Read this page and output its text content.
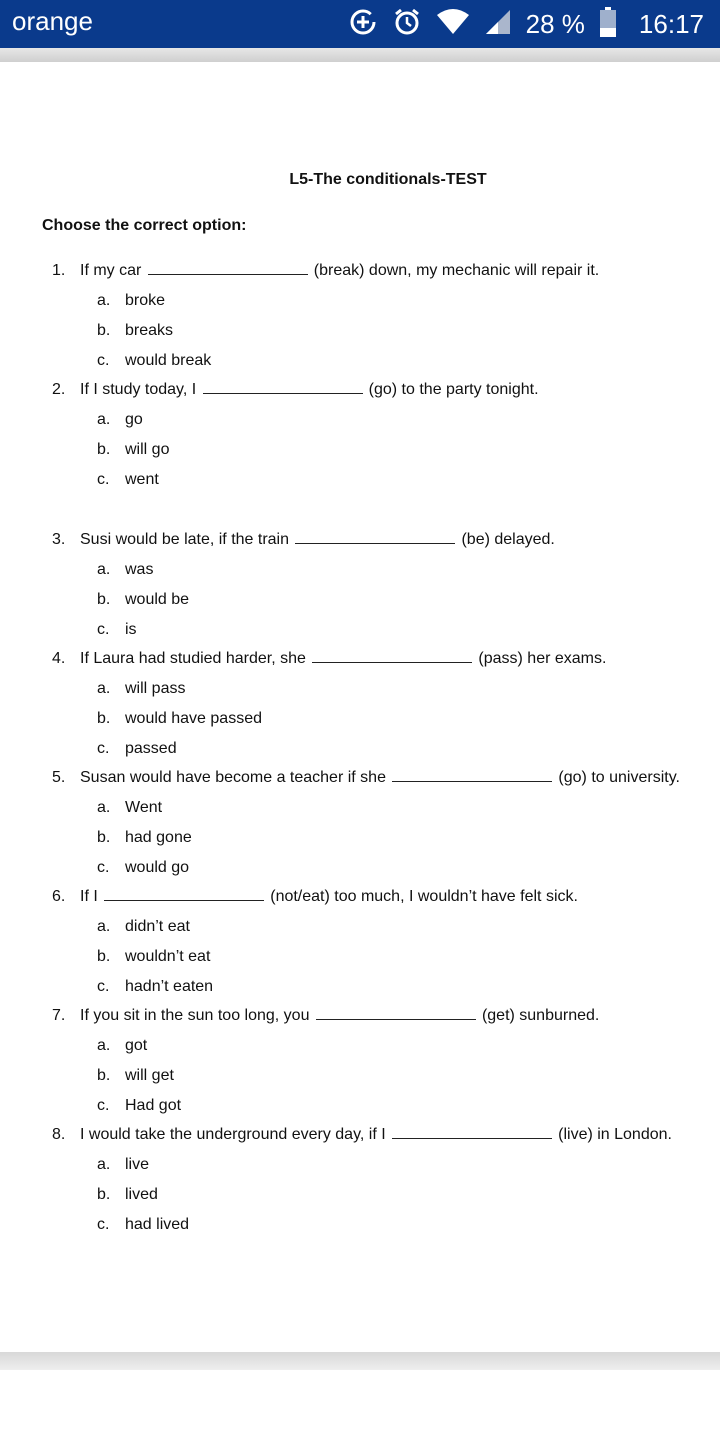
orange	28 % 16:17
L5-The conditionals-TEST
Choose the correct option:
1. If my car	(break) down, my mechanic will repair it.
a. broke
b. breaks
c. would break
2. If I study today, I	(go) to the party tonight.
a. go
b. will go
c. went
3. Susi would be late, if the train	(be) delayed.
a. was
b. would be
c. is
4. If Laura had studied harder, she	(pass) her exams.
a. will pass
b. would have passed
c. passed
5. Susan would have become a teacher if she	(go) to university.
a. Went
b. had gone
c. would go
6. If I	(not/eat) too much, I wouldn’t have felt sick.
a. didn’t eat
b. wouldn’t eat
c. hadn’t eaten
7. If you sit in the sun too long, you	(get) sunburned.
a. got
b. will get
c. Had got
8. I would take the underground every day, if I	(live) in London.
a. live
b. lived
c. had lived
